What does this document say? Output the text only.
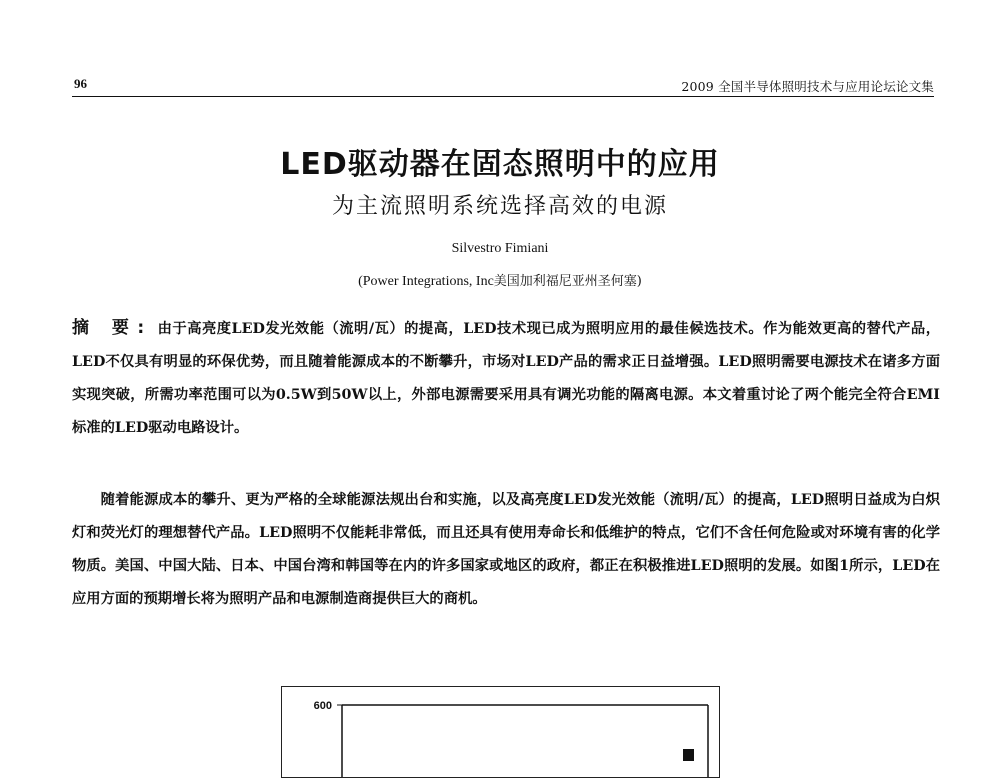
96	2009 全国半导体照明技术与应用论坛论文集
LED驱动器在固态照明中的应用
为主流照明系统选择高效的电源
Silvestro Fimiani
(Power Integrations, Inc美国加利福尼亚州圣何塞)
摘 要: 由于高亮度LED发光效能（流明/瓦）的提高，LED技术现已成为照明应用的最佳候选技术。作为能效更高的替代产品，LED不仅具有明显的环保优势，而且随着能源成本的不断攀升，市场对LED产品的需求正日益增强。LED照明需要电源技术在诸多方面实现突破，所需功率范围可以为0.5W到50W以上，外部电源需要采用具有调光功能的隔离电源。本文着重讨论了两个能完全符合EMI标准的LED驱动电路设计。
随着能源成本的攀升、更为严格的全球能源法规出台和实施，以及高亮度LED发光效能（流明/瓦）的提高，LED照明日益成为白炽灯和荧光灯的理想替代产品。LED照明不仅能耗非常低，而且还具有使用寿命长和低维护的特点，它们不含任何危险或对环境有害的化学物质。美国、中国大陆、日本、中国台湾和韩国等在内的许多国家或地区的政府，都正在积极推进LED照明的发展。如图1所示，LED在应用方面的预期增长将为照明产品和电源制造商提供巨大的商机。
600
